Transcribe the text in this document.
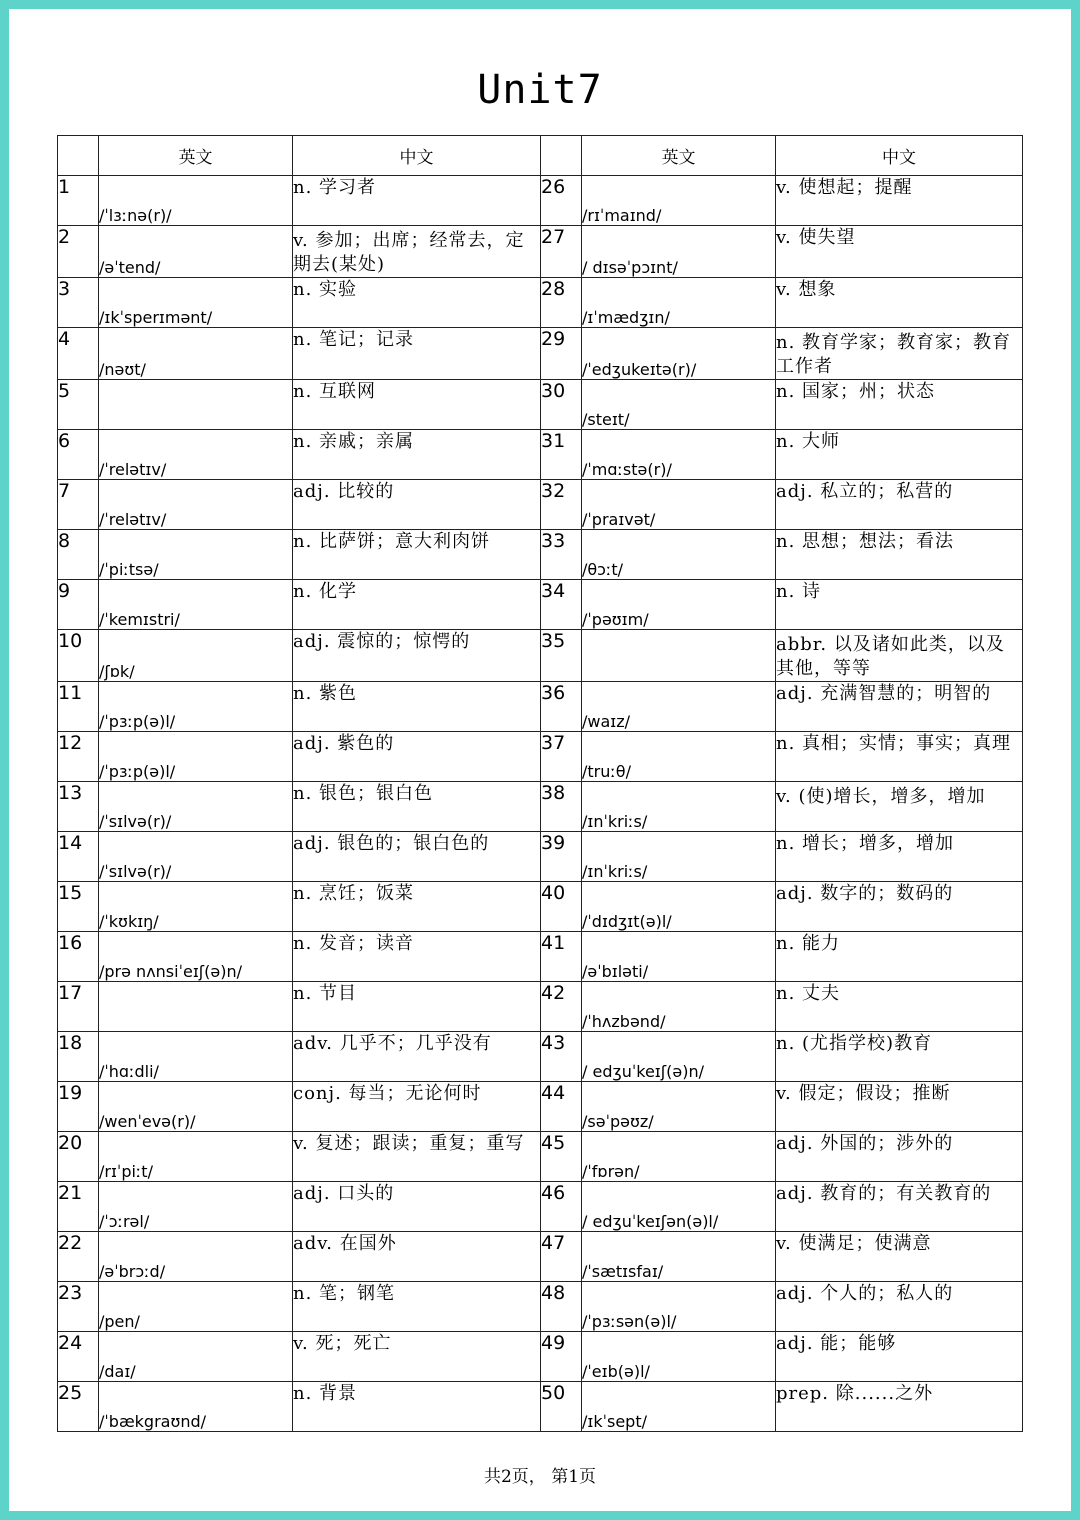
Unit7
	英文	中文		英文	中文
1	/ˈlɜːnə(r)/	n. 学习者	26	/rɪˈmaɪnd/	v. 使想起；提醒
2	/əˈtend/	v. 参加；出席；经常去，定期去(某处)	27	/ dɪsəˈpɔɪnt/	v. 使失望
3	/ɪkˈsperɪmənt/	n. 实验	28	/ɪˈmædʒɪn/	v. 想象
4	/nəʊt/	n. 笔记；记录	29	/ˈedʒukeɪtə(r)/	n. 教育学家；教育家；教育工作者
5		n. 互联网	30	/steɪt/	n. 国家；州；状态
6	/ˈrelətɪv/	n. 亲戚；亲属	31	/ˈmɑːstə(r)/	n. 大师
7	/ˈrelətɪv/	adj. 比较的	32	/ˈpraɪvət/	adj. 私立的；私营的
8	/ˈpiːtsə/	n. 比萨饼；意大利肉饼	33	/θɔːt/	n. 思想；想法；看法
9	/ˈkemɪstri/	n. 化学	34	/ˈpəʊɪm/	n. 诗
10	/ʃɒk/	adj. 震惊的；惊愕的	35		abbr. 以及诸如此类，以及其他，等等
11	/ˈpɜːp(ə)l/	n. 紫色	36	/waɪz/	adj. 充满智慧的；明智的
12	/ˈpɜːp(ə)l/	adj. 紫色的	37	/truːθ/	n. 真相；实情；事实；真理
13	/ˈsɪlvə(r)/	n. 银色；银白色	38	/ɪnˈkriːs/	v. (使)增长，增多，增加
14	/ˈsɪlvə(r)/	adj. 银色的；银白色的	39	/ɪnˈkriːs/	n. 增长；增多，增加
15	/ˈkʊkɪŋ/	n. 烹饪；饭菜	40	/ˈdɪdʒɪt(ə)l/	adj. 数字的；数码的
16	/prə nʌnsiˈeɪʃ(ə)n/	n. 发音；读音	41	/əˈbɪləti/	n. 能力
17		n. 节目	42	/ˈhʌzbənd/	n. 丈夫
18	/ˈhɑːdli/	adv. 几乎不；几乎没有	43	/ edʒuˈkeɪʃ(ə)n/	n. (尤指学校)教育
19	/wenˈevə(r)/	conj. 每当；无论何时	44	/səˈpəʊz/	v. 假定；假设；推断
20	/rɪˈpiːt/	v. 复述；跟读；重复；重写	45	/ˈfɒrən/	adj. 外国的；涉外的
21	/ˈɔːrəl/	adj. 口头的	46	/ edʒuˈkeɪʃən(ə)l/	adj. 教育的；有关教育的
22	/əˈbrɔːd/	adv. 在国外	47	/ˈsætɪsfaɪ/	v. 使满足；使满意
23	/pen/	n. 笔；钢笔	48	/ˈpɜːsən(ə)l/	adj. 个人的；私人的
24	/daɪ/	v. 死；死亡	49	/ˈeɪb(ə)l/	adj. 能；能够
25	/ˈbækgraʊnd/	n. 背景	50	/ɪkˈsept/	prep. 除......之外
共2页， 第1页
